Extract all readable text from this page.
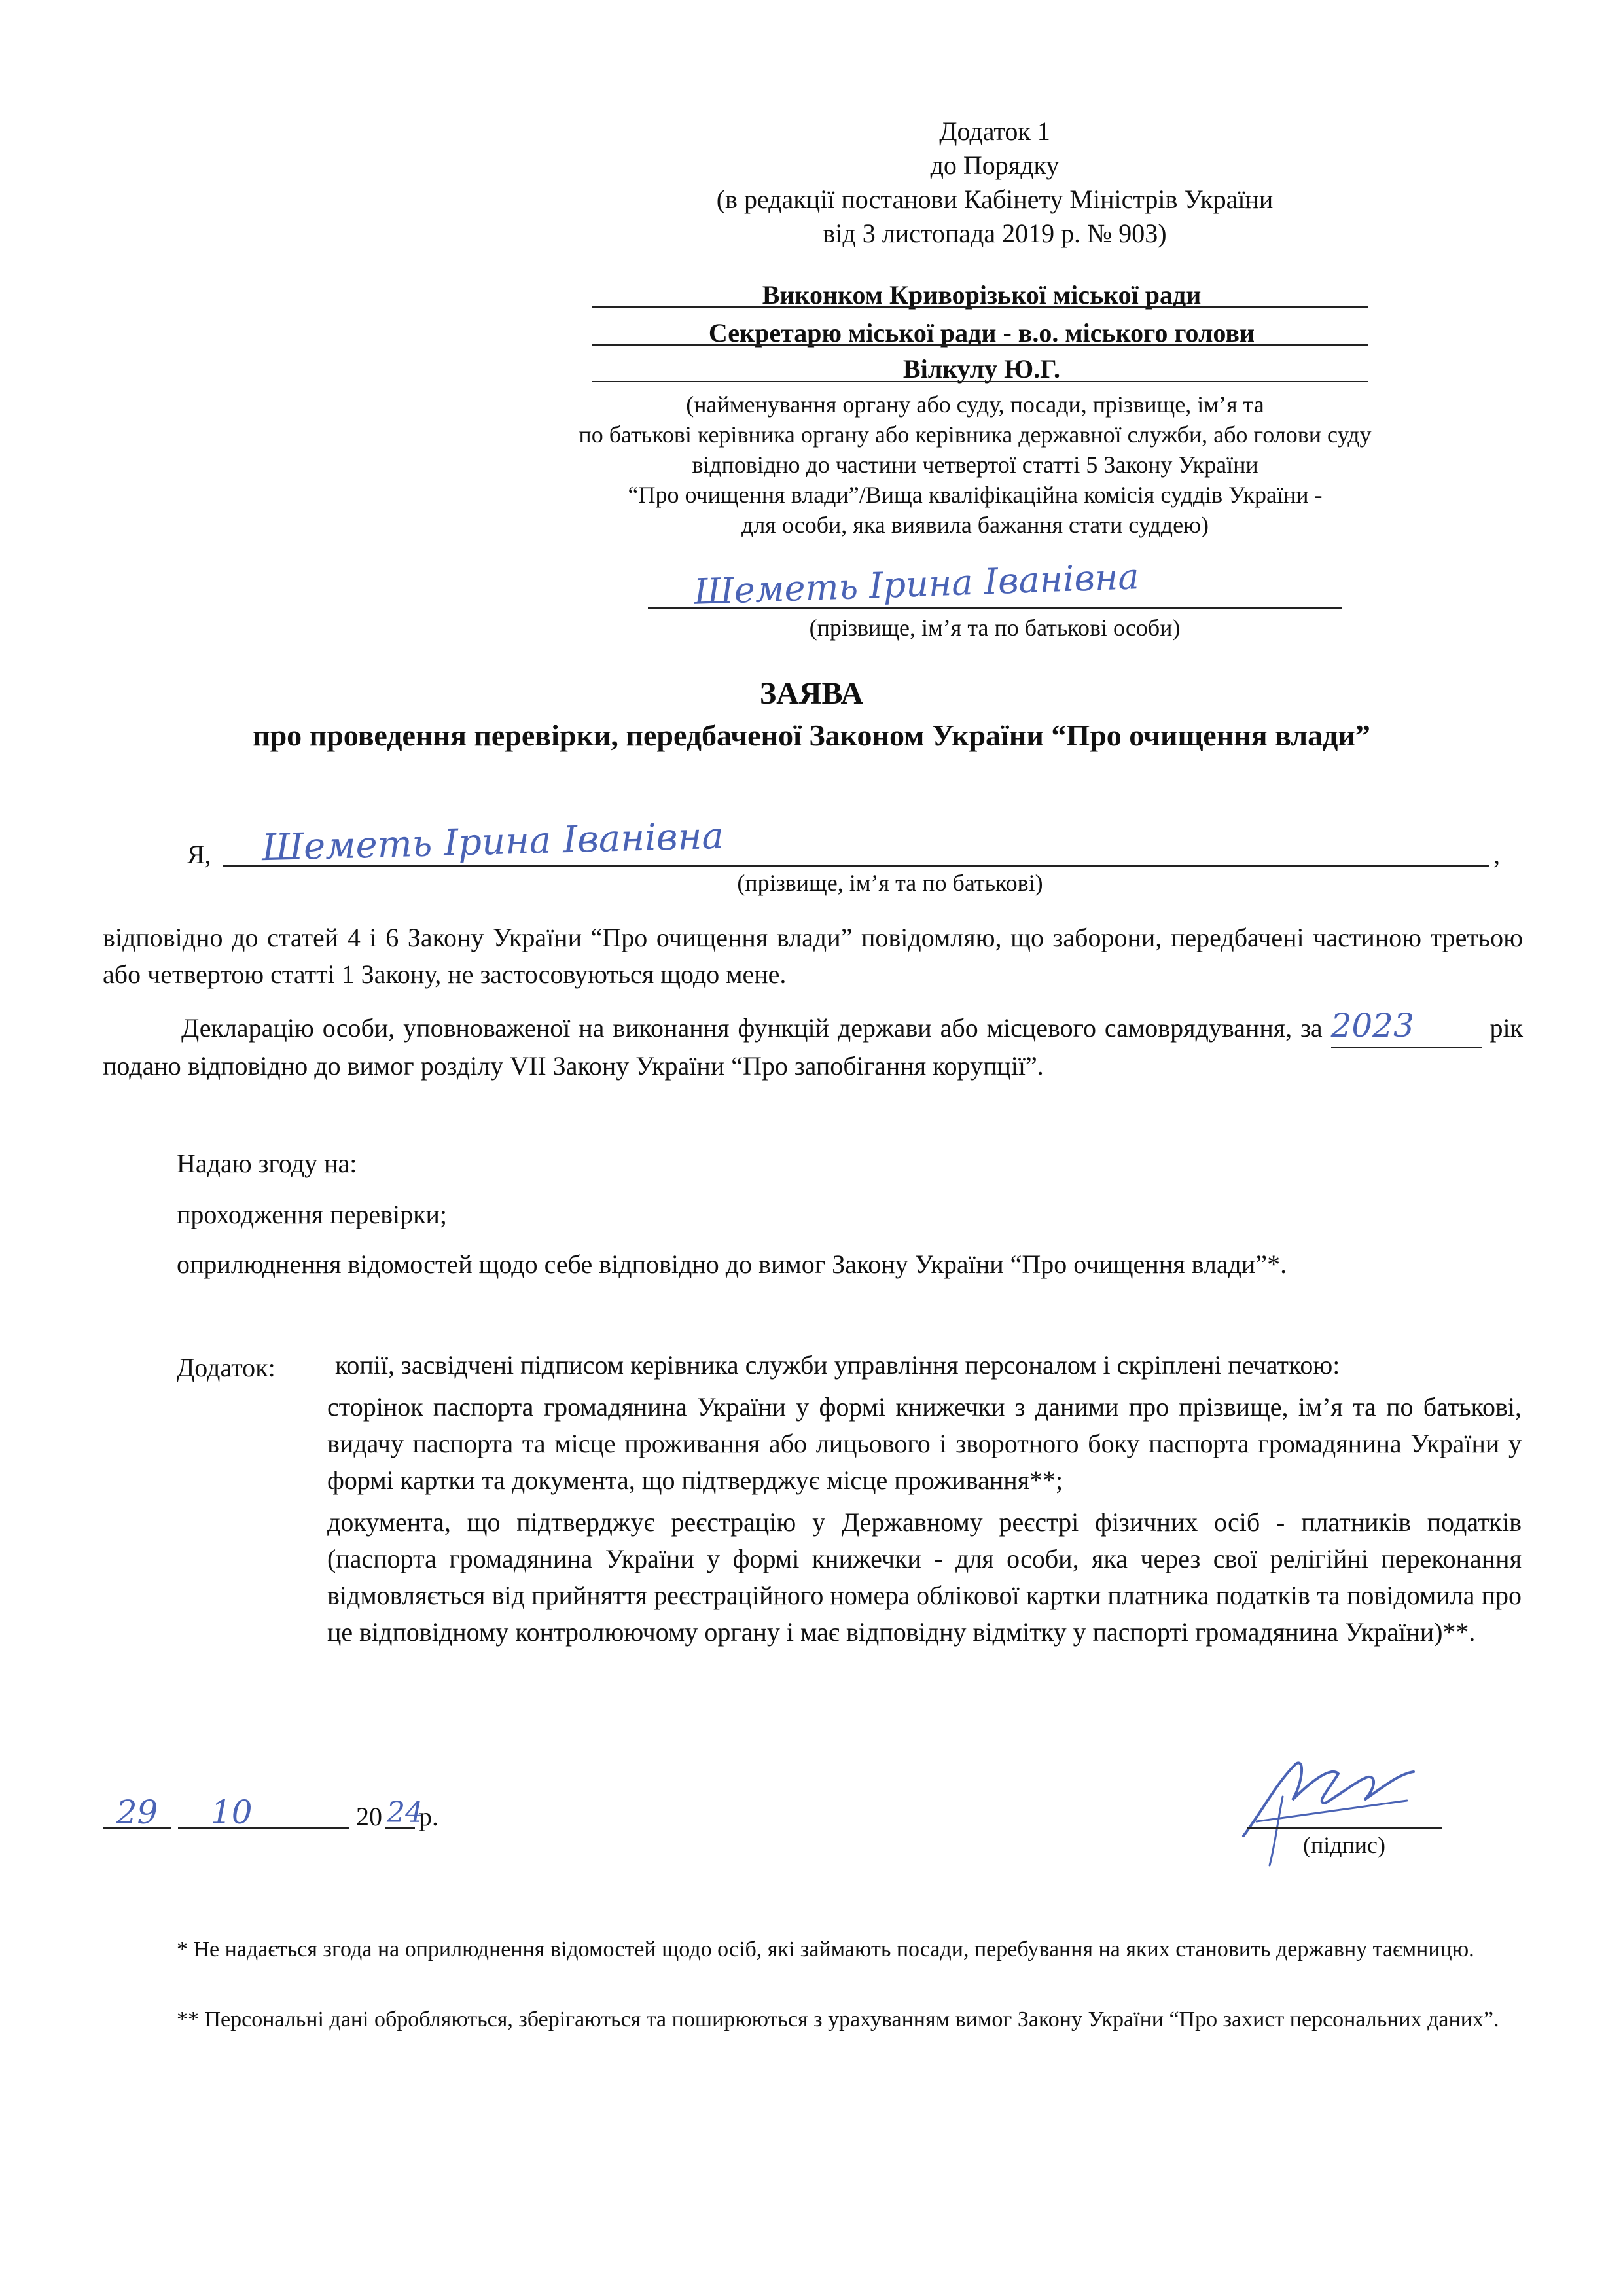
Додаток 1
до Порядку
(в редакції постанови Кабінету Міністрів України
від 3 листопада 2019 р. № 903)
Виконком Криворізької міської ради
Секретарю міської ради - в.о. міського голови
Вілкулу Ю.Г.
(найменування органу або суду, посади, прізвище, ім’я та
по батькові керівника органу або керівника державної служби, або голови суду
відповідно до частини четвертої статті 5 Закону України
“Про очищення влади”/Вища кваліфікаційна комісія суддів України -
для особи, яка виявила бажання стати суддею)
Шеметь Ірина Іванівна
(прізвище, ім’я та по батькові особи)
ЗАЯВА
про проведення перевірки, передбаченої Законом України “Про очищення влади”
Я, Шеметь Ірина Іванівна	,
(прізвище, ім’я та по батькові)
відповідно до статей 4 і 6 Закону України “Про очищення влади” повідомляю, що заборони, передбачені частиною третьою або четвертою статті 1 Закону, не застосовуються щодо мене.
Декларацію особи, уповноваженої на виконання функцій держави або місцевого самоврядування, за 2023	рік подано відповідно до вимог розділу VII Закону України “Про запобігання корупції”.
Надаю згоду на:
проходження перевірки;
оприлюднення відомостей щодо себе відповідно до вимог Закону України “Про очищення влади”*.
Додаток:	копії, засвідчені підписом керівника служби управління персоналом і скріплені печаткою:
сторінок паспорта громадянина України у формі книжечки з даними про прізвище, ім’я та по батькові, видачу паспорта та місце проживання або лицьового і зворотного боку паспорта громадянина України у формі картки та документа, що підтверджує місце проживання**;
документа, що підтверджує реєстрацію у Державному реєстрі фізичних осіб - платників податків (паспорта громадянина України у формі книжечки - для особи, яка через свої релігійні переконання відмовляється від прийняття реєстраційного номера облікової картки платника податків та повідомила про це відповідному контролюючому органу і має відповідну відмітку у паспорті громадянина України)**.
29	10	20 24
р.
(підпис)
* Не надається згода на оприлюднення відомостей щодо осіб, які займають посади, перебування на яких становить державну таємницю.
** Персональні дані обробляються, зберігаються та поширюються з урахуванням вимог Закону України “Про захист персональних даних”.
